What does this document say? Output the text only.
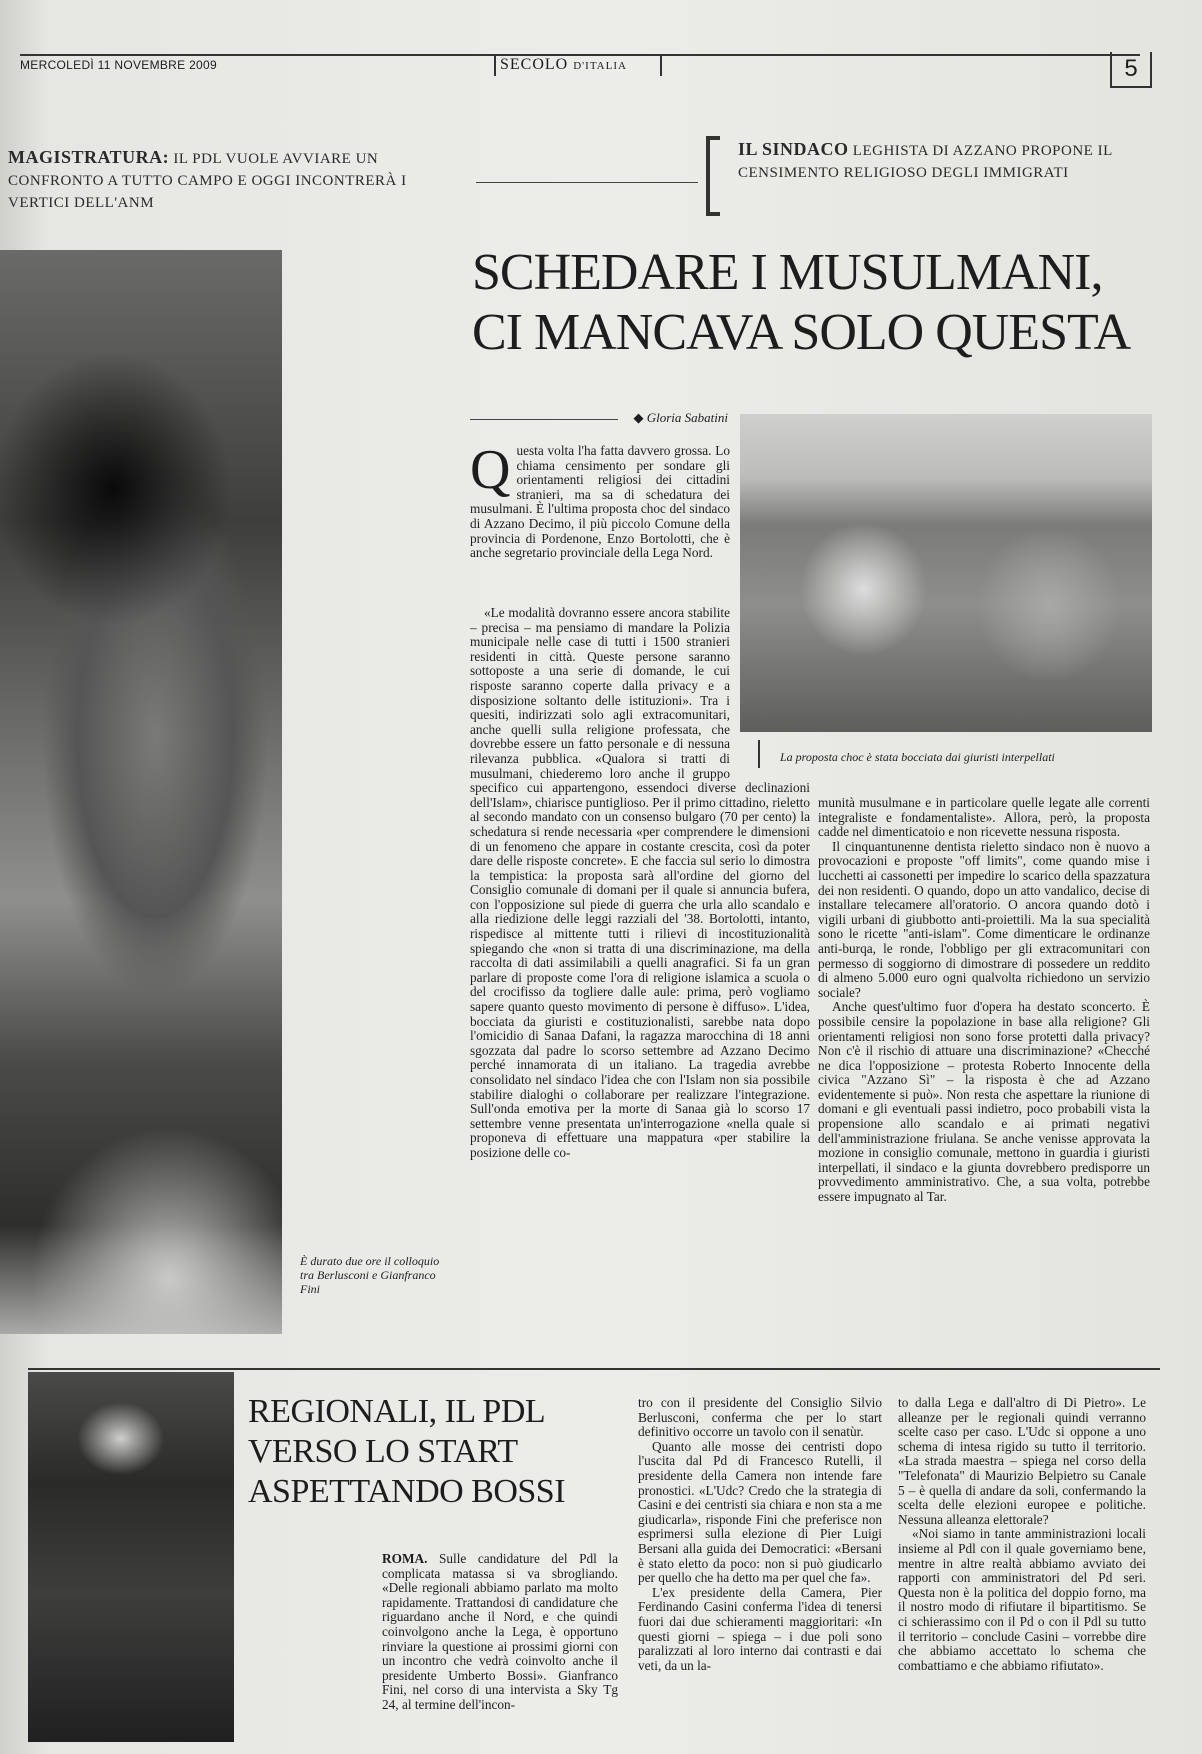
MERCOLEDÌ 11 NOVEMBRE 2009	SECOLO D'ITALIA	5
MAGISTRATURA: IL PDL VUOLE AVVIARE UN CONFRONTO A TUTTO CAMPO E OGGI INCONTRERÀ I VERTICI DELL'ANM
IL SINDACO LEGHISTA DI AZZANO PROPONE IL CENSIMENTO RELIGIOSO DEGLI IMMIGRATI
SCHEDARE I MUSULMANI,
CI MANCAVA SOLO QUESTA
◆ Gloria Sabatini
Q uesta volta l'ha fatta davvero grossa. Lo chiama censimento per sondare gli orientamenti religiosi dei cittadini stranieri, ma sa di schedatura dei musulmani. È l'ultima proposta choc del sindaco di Azzano Decimo, il più piccolo Comune della provincia di Pordenone, Enzo Bortolotti, che è anche segretario provinciale della Lega Nord.

La proposta choc è stata bocciata dai giuristi interpellati

«Le modalità dovranno essere ancora stabilite – precisa – ma pensiamo di mandare la Polizia municipale nelle case di tutti i 1500 stranieri residenti in città. Queste persone saranno sottoposte a una serie di domande, le cui risposte saranno coperte dalla privacy e a disposizione soltanto delle istituzioni». Tra i quesiti, indirizzati solo agli extracomunitari, anche quelli sulla religione professata, che dovrebbe essere un fatto personale e di nessuna rilevanza pubblica. «Qualora si tratti di musulmani, chiederemo loro anche il gruppo specifico cui appartengono, essendoci diverse declinazioni dell'Islam», chiarisce puntiglioso. Per il primo cittadino, rieletto al secondo mandato con un consenso bulgaro (70 per cento) la schedatura si rende necessaria «per comprendere le dimensioni di un fenomeno che appare in costante crescita, così da poter dare delle risposte concrete». E che faccia sul serio lo dimostra la tempistica: la proposta sarà all'ordine del giorno del Consiglio comunale di domani per il quale si annuncia bufera, con l'opposizione sul piede di guerra che urla allo scandalo e alla riedizione delle leggi razziali del '38. Bortolotti, intanto, rispedisce al mittente tutti i rilievi di incostituzionalità spiegando che «non si tratta di una discriminazione, ma della raccolta di dati assimilabili a quelli anagrafici. Si fa un gran parlare di proposte come l'ora di religione islamica a scuola o del crocifisso da togliere dalle aule: prima, però vogliamo sapere quanto questo movimento di persone è diffuso». L'idea, bocciata da giuristi e costituzionalisti, sarebbe nata dopo l'omicidio di Sanaa Dafani, la ragazza marocchina di 18 anni sgozzata dal padre lo scorso settembre ad Azzano Decimo perché innamorata di un italiano. La tragedia avrebbe consolidato nel sindaco l'idea che con l'Islam non sia possibile stabilire dialoghi o collaborare per realizzare l'integrazione. Sull'onda emotiva per la morte di Sanaa già lo scorso 17 settembre venne presentata un'interrogazione «nella quale si proponeva di effettuare una mappatura «per stabilire la posizione delle co-

munità musulmane e in particolare quelle legate alle correnti integraliste e fondamentaliste». Allora, però, la proposta cadde nel dimenticatoio e non ricevette nessuna risposta.

Il cinquantunenne dentista rieletto sindaco non è nuovo a provocazioni e proposte "off limits", come quando mise i lucchetti ai cassonetti per impedire lo scarico della spazzatura dei non residenti. O quando, dopo un atto vandalico, decise di installare telecamere all'oratorio. O ancora quando dotò i vigili urbani di giubbotto anti-proiettili. Ma la sua specialità sono le ricette "anti-islam". Come dimenticare le ordinanze anti-burqa, le ronde, l'obbligo per gli extracomunitari con permesso di soggiorno di dimostrare di possedere un reddito di almeno 5.000 euro ogni qualvolta richiedono un servizio sociale?

Anche quest'ultimo fuor d'opera ha destato sconcerto. È possibile censire la popolazione in base alla religione? Gli orientamenti religiosi non sono forse protetti dalla privacy? Non c'è il rischio di attuare una discriminazione? «Checché ne dica l'opposizione – protesta Roberto Innocente della civica "Azzano Sì" – la risposta è che ad Azzano evidentemente si può». Non resta che aspettare la riunione di domani e gli eventuali passi indietro, poco probabili vista la propensione allo scandalo e ai primati negativi dell'amministrazione friulana. Se anche venisse approvata la mozione in consiglio comunale, mettono in guardia i giuristi interpellati, il sindaco e la giunta dovrebbero predisporre un provvedimento amministrativo. Che, a sua volta, potrebbe essere impugnato al Tar.

È durato due ore il colloquio tra Berlusconi e Gianfranco Fini
REGIONALI, IL PDL
VERSO LO START
ASPETTANDO BOSSI

ROMA. Sulle candidature del Pdl la complicata matassa si va sbrogliando. «Delle regionali abbiamo parlato ma molto rapidamente. Trattandosi di candidature che riguardano anche il Nord, e che quindi coinvolgono anche la Lega, è opportuno rinviare la questione ai prossimi giorni con un incontro che vedrà coinvolto anche il presidente Umberto Bossi». Gianfranco Fini, nel corso di una intervista a Sky Tg 24, al termine dell'incon-

tro con il presidente del Consiglio Silvio Berlusconi, conferma che per lo start definitivo occorre un tavolo con il senatùr.

Quanto alle mosse dei centristi dopo l'uscita dal Pd di Francesco Rutelli, il presidente della Camera non intende fare pronostici. «L'Udc? Credo che la strategia di Casini e dei centristi sia chiara e non sta a me giudicarla», risponde Fini che preferisce non esprimersi sulla elezione di Pier Luigi Bersani alla guida dei Democratici: «Bersani è stato eletto da poco: non si può giudicarlo per quello che ha detto ma per quel che fa».

L'ex presidente della Camera, Pier Ferdinando Casini conferma l'idea di tenersi fuori dai due schieramenti maggioritari: «In questi giorni – spiega – i due poli sono paralizzati al loro interno dai contrasti e dai veti, da un la-

to dalla Lega e dall'altro di Di Pietro». Le alleanze per le regionali quindi verranno scelte caso per caso. L'Udc si oppone a uno schema di intesa rigido su tutto il territorio. «La strada maestra – spiega nel corso della "Telefonata" di Maurizio Belpietro su Canale 5 – è quella di andare da soli, confermando la scelta delle elezioni europee e politiche. Nessuna alleanza elettorale?

«Noi siamo in tante amministrazioni locali insieme al Pdl con il quale governiamo bene, mentre in altre realtà abbiamo avviato dei rapporti con amministratori del Pd seri. Questa non è la politica del doppio forno, ma il nostro modo di rifiutare il bipartitismo. Se ci schierassimo con il Pd o con il Pdl su tutto il territorio – conclude Casini – vorrebbe dire che abbiamo accettato lo schema che combattiamo e che abbiamo rifiutato».
